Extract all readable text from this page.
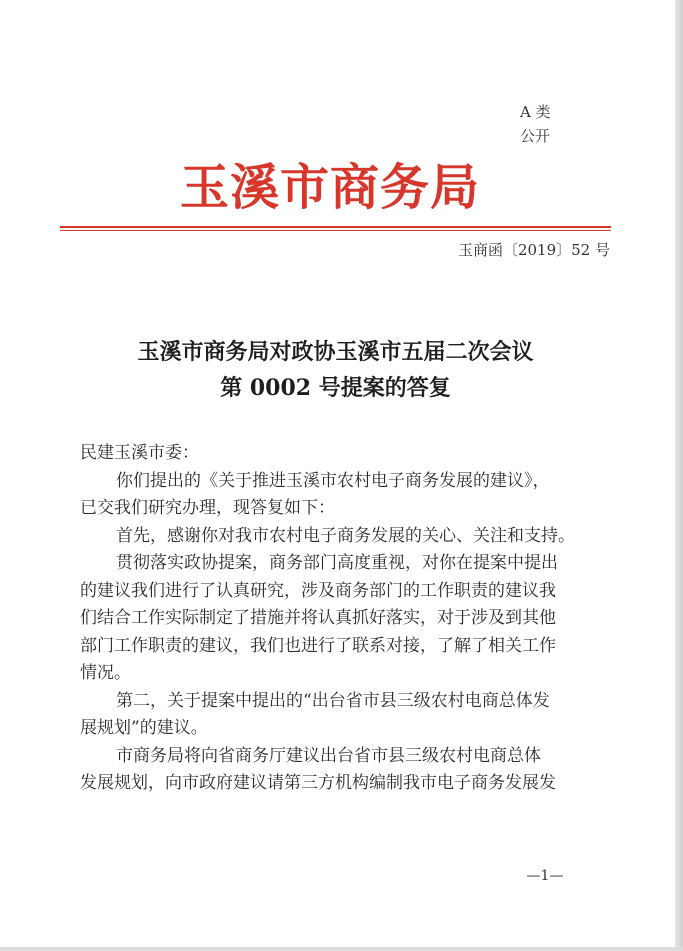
A 类
公开
玉溪市商务局
玉商函〔2019〕52 号
玉溪市商务局对政协玉溪市五届二次会议
第 0002 号提案的答复

民建玉溪市委：

你们提出的《关于推进玉溪市农村电子商务发展的建议》，

已交我们研究办理，现答复如下：

首先，感谢你对我市农村电子商务发展的关心、关注和支持。

贯彻落实政协提案，商务部门高度重视，对你在提案中提出

的建议我们进行了认真研究，涉及商务部门的工作职责的建议我

们结合工作实际制定了措施并将认真抓好落实，对于涉及到其他

部门工作职责的建议，我们也进行了联系对接，了解了相关工作

情况。

第二，关于提案中提出的“出台省市县三级农村电商总体发

展规划”的建议。

市商务局将向省商务厅建议出台省市县三级农村电商总体

发展规划，向市政府建议请第三方机构编制我市电子商务发展发

—1—
